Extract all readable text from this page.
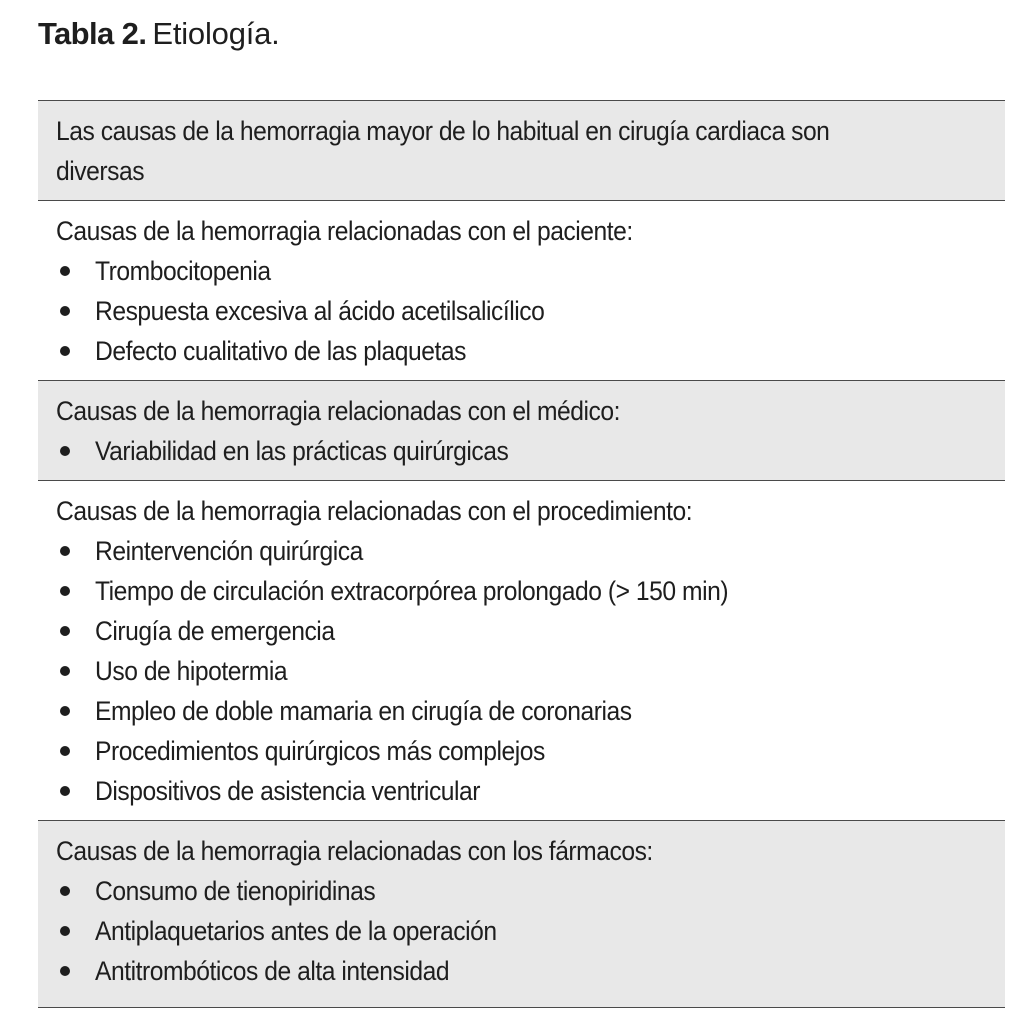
Tabla 2. Etiología.
Las causas de la hemorragia mayor de lo habitual en cirugía cardiaca son
diversas
Causas de la hemorragia relacionadas con el paciente:
Trombocitopenia
Respuesta excesiva al ácido acetilsalicílico
Defecto cualitativo de las plaquetas
Causas de la hemorragia relacionadas con el médico:
Variabilidad en las prácticas quirúrgicas
Causas de la hemorragia relacionadas con el procedimiento:
Reintervención quirúrgica
Tiempo de circulación extracorpórea prolongado (> 150 min)
Cirugía de emergencia
Uso de hipotermia
Empleo de doble mamaria en cirugía de coronarias
Procedimientos quirúrgicos más complejos
Dispositivos de asistencia ventricular
Causas de la hemorragia relacionadas con los fármacos:
Consumo de tienopiridinas
Antiplaquetarios antes de la operación
Antitrombóticos de alta intensidad
